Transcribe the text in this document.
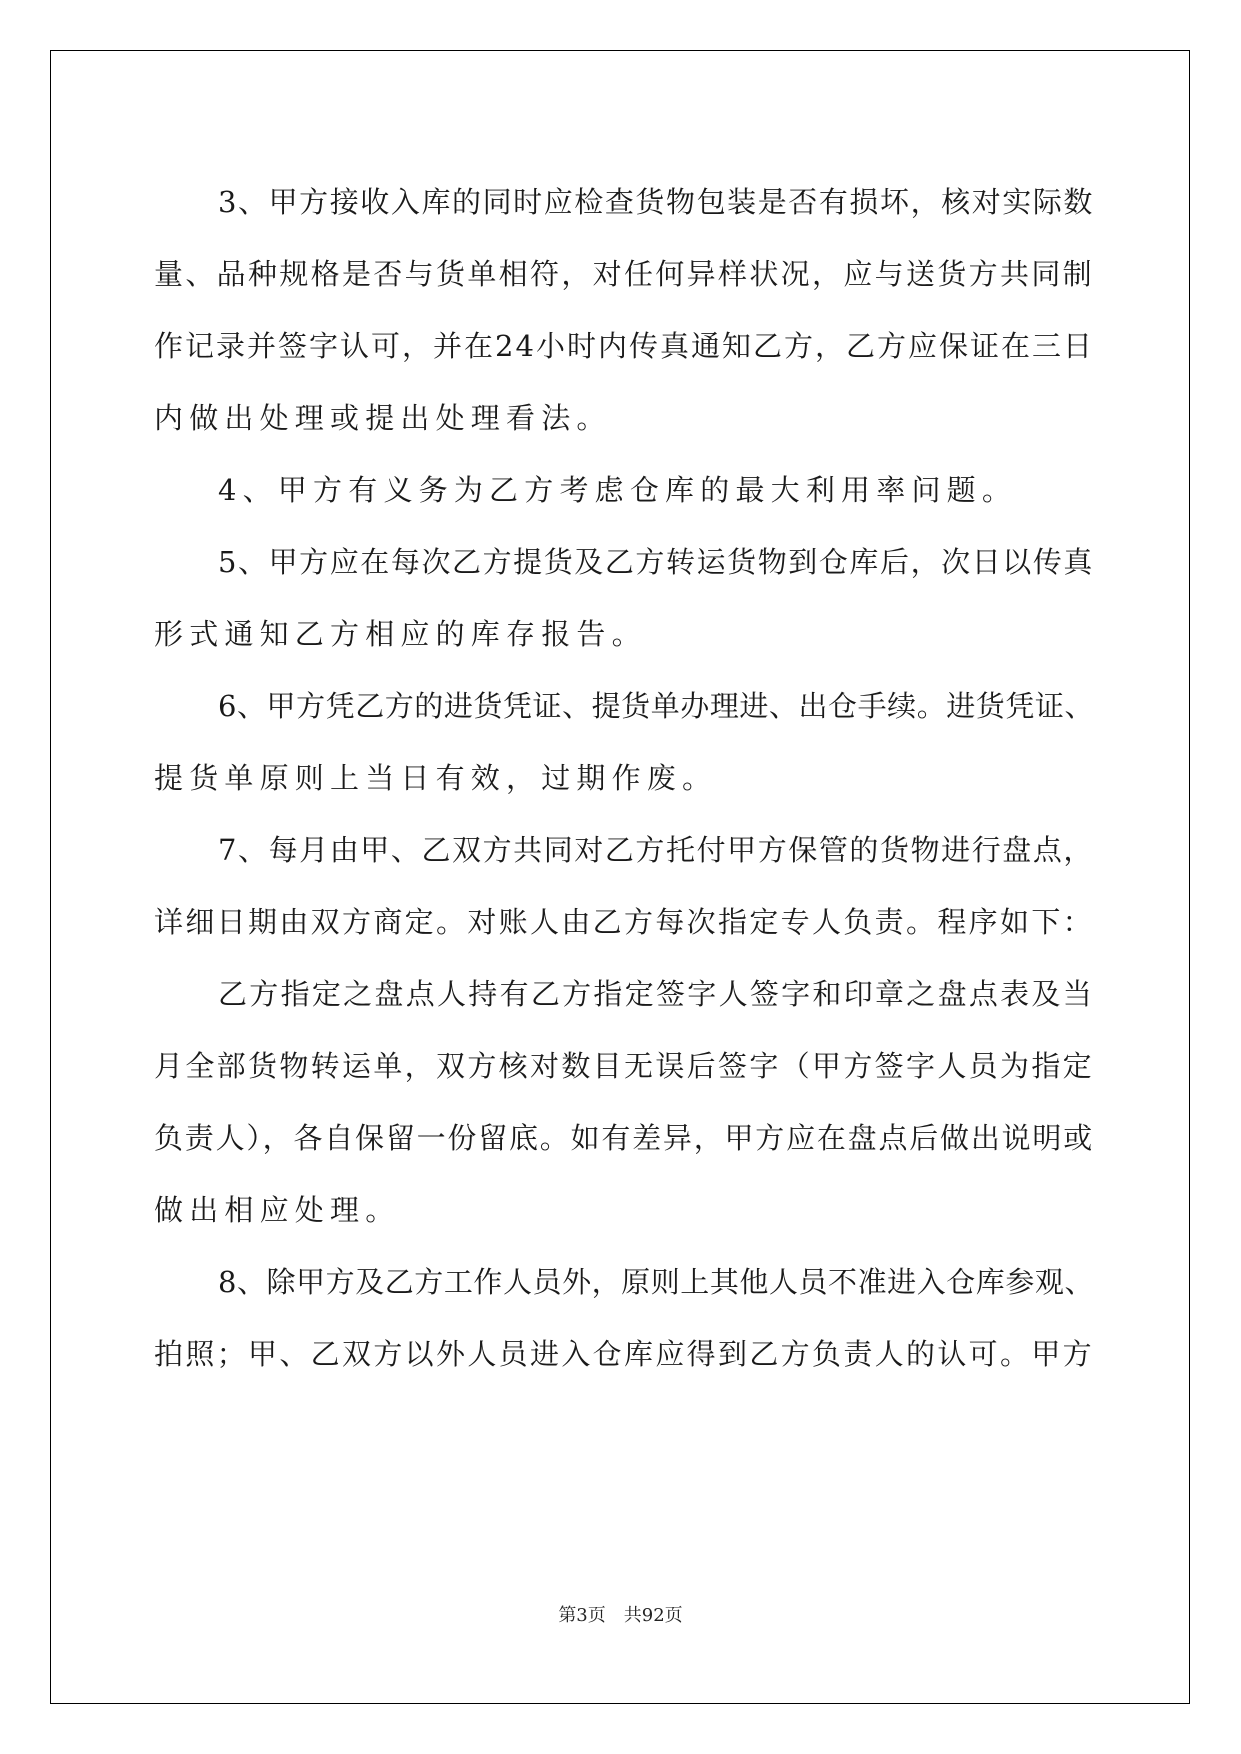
3、甲方接收入库的同时应检查货物包装是否有损坏，核对实际数
量、品种规格是否与货单相符，对任何异样状况，应与送货方共同制
作记录并签字认可，并在24小时内传真通知乙方，乙方应保证在三日
内做出处理或提出处理看法。
4、甲方有义务为乙方考虑仓库的最大利用率问题。
5、甲方应在每次乙方提货及乙方转运货物到仓库后，次日以传真
形式通知乙方相应的库存报告。
6、甲方凭乙方的进货凭证、提货单办理进、出仓手续。进货凭证、
提货单原则上当日有效，过期作废。
7、每月由甲、乙双方共同对乙方托付甲方保管的货物进行盘点，
详细日期由双方商定。对账人由乙方每次指定专人负责。程序如下：
乙方指定之盘点人持有乙方指定签字人签字和印章之盘点表及当
月全部货物转运单，双方核对数目无误后签字（甲方签字人员为指定
负责人），各自保留一份留底。如有差异，甲方应在盘点后做出说明或
做出相应处理。
8、除甲方及乙方工作人员外，原则上其他人员不准进入仓库参观、
拍照；甲、乙双方以外人员进入仓库应得到乙方负责人的认可。甲方
第3页　共92页
